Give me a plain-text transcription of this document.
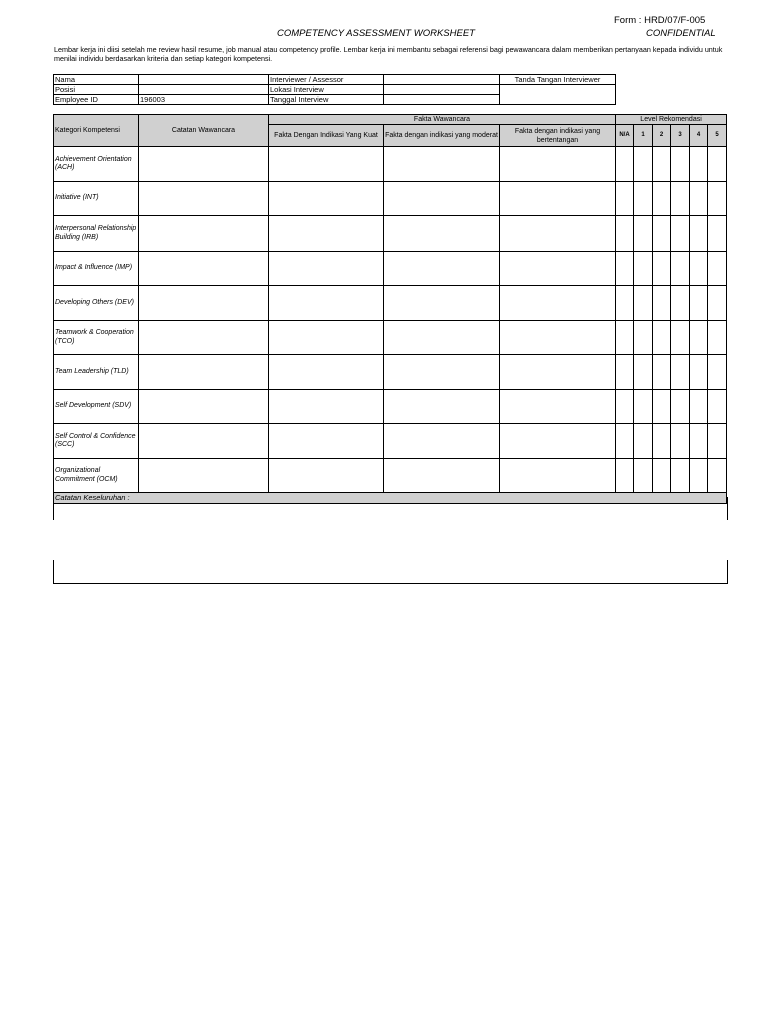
Form : HRD/07/F-005
CONFIDENTIAL
COMPETENCY ASSESSMENT WORKSHEET
Lembar kerja ini diisi setelah me review hasil resume, job manual atau competency profile. Lembar kerja ini membantu sebagai referensi bagi pewawancara dalam memberikan pertanyaan kepada individu untuk menilai individu berdasarkan kriteria dan setiap kategori kompetensi.
Nama		Interviewer / Assessor		Tanda Tangan Interviewer
Posisi		Lokasi Interview		
Employee ID	196003	Tanggal Interview		
Kategori Kompetensi	Catatan Wawancara	Fakta Wawancara			Level Rekomendasi					
		Fakta Dengan Indikasi Yang Kuat	Fakta dengan indikasi yang moderat	Fakta dengan indikasi yang bertentangan	N/A	1	2	3	4	5
Achievement Orientation (ACH)										
Initiative (INT)										
Interpersonal Relationship Building (IRB)										
Impact & Influence (IMP)										
Developing Others (DEV)										
Teamwork & Cooperation (TCO)										
Team Leadership (TLD)										
Self Development (SDV)										
Self Control & Confidence (SCC)										
Organizational Commitment (OCM)										
Catatan Keseluruhan :										
